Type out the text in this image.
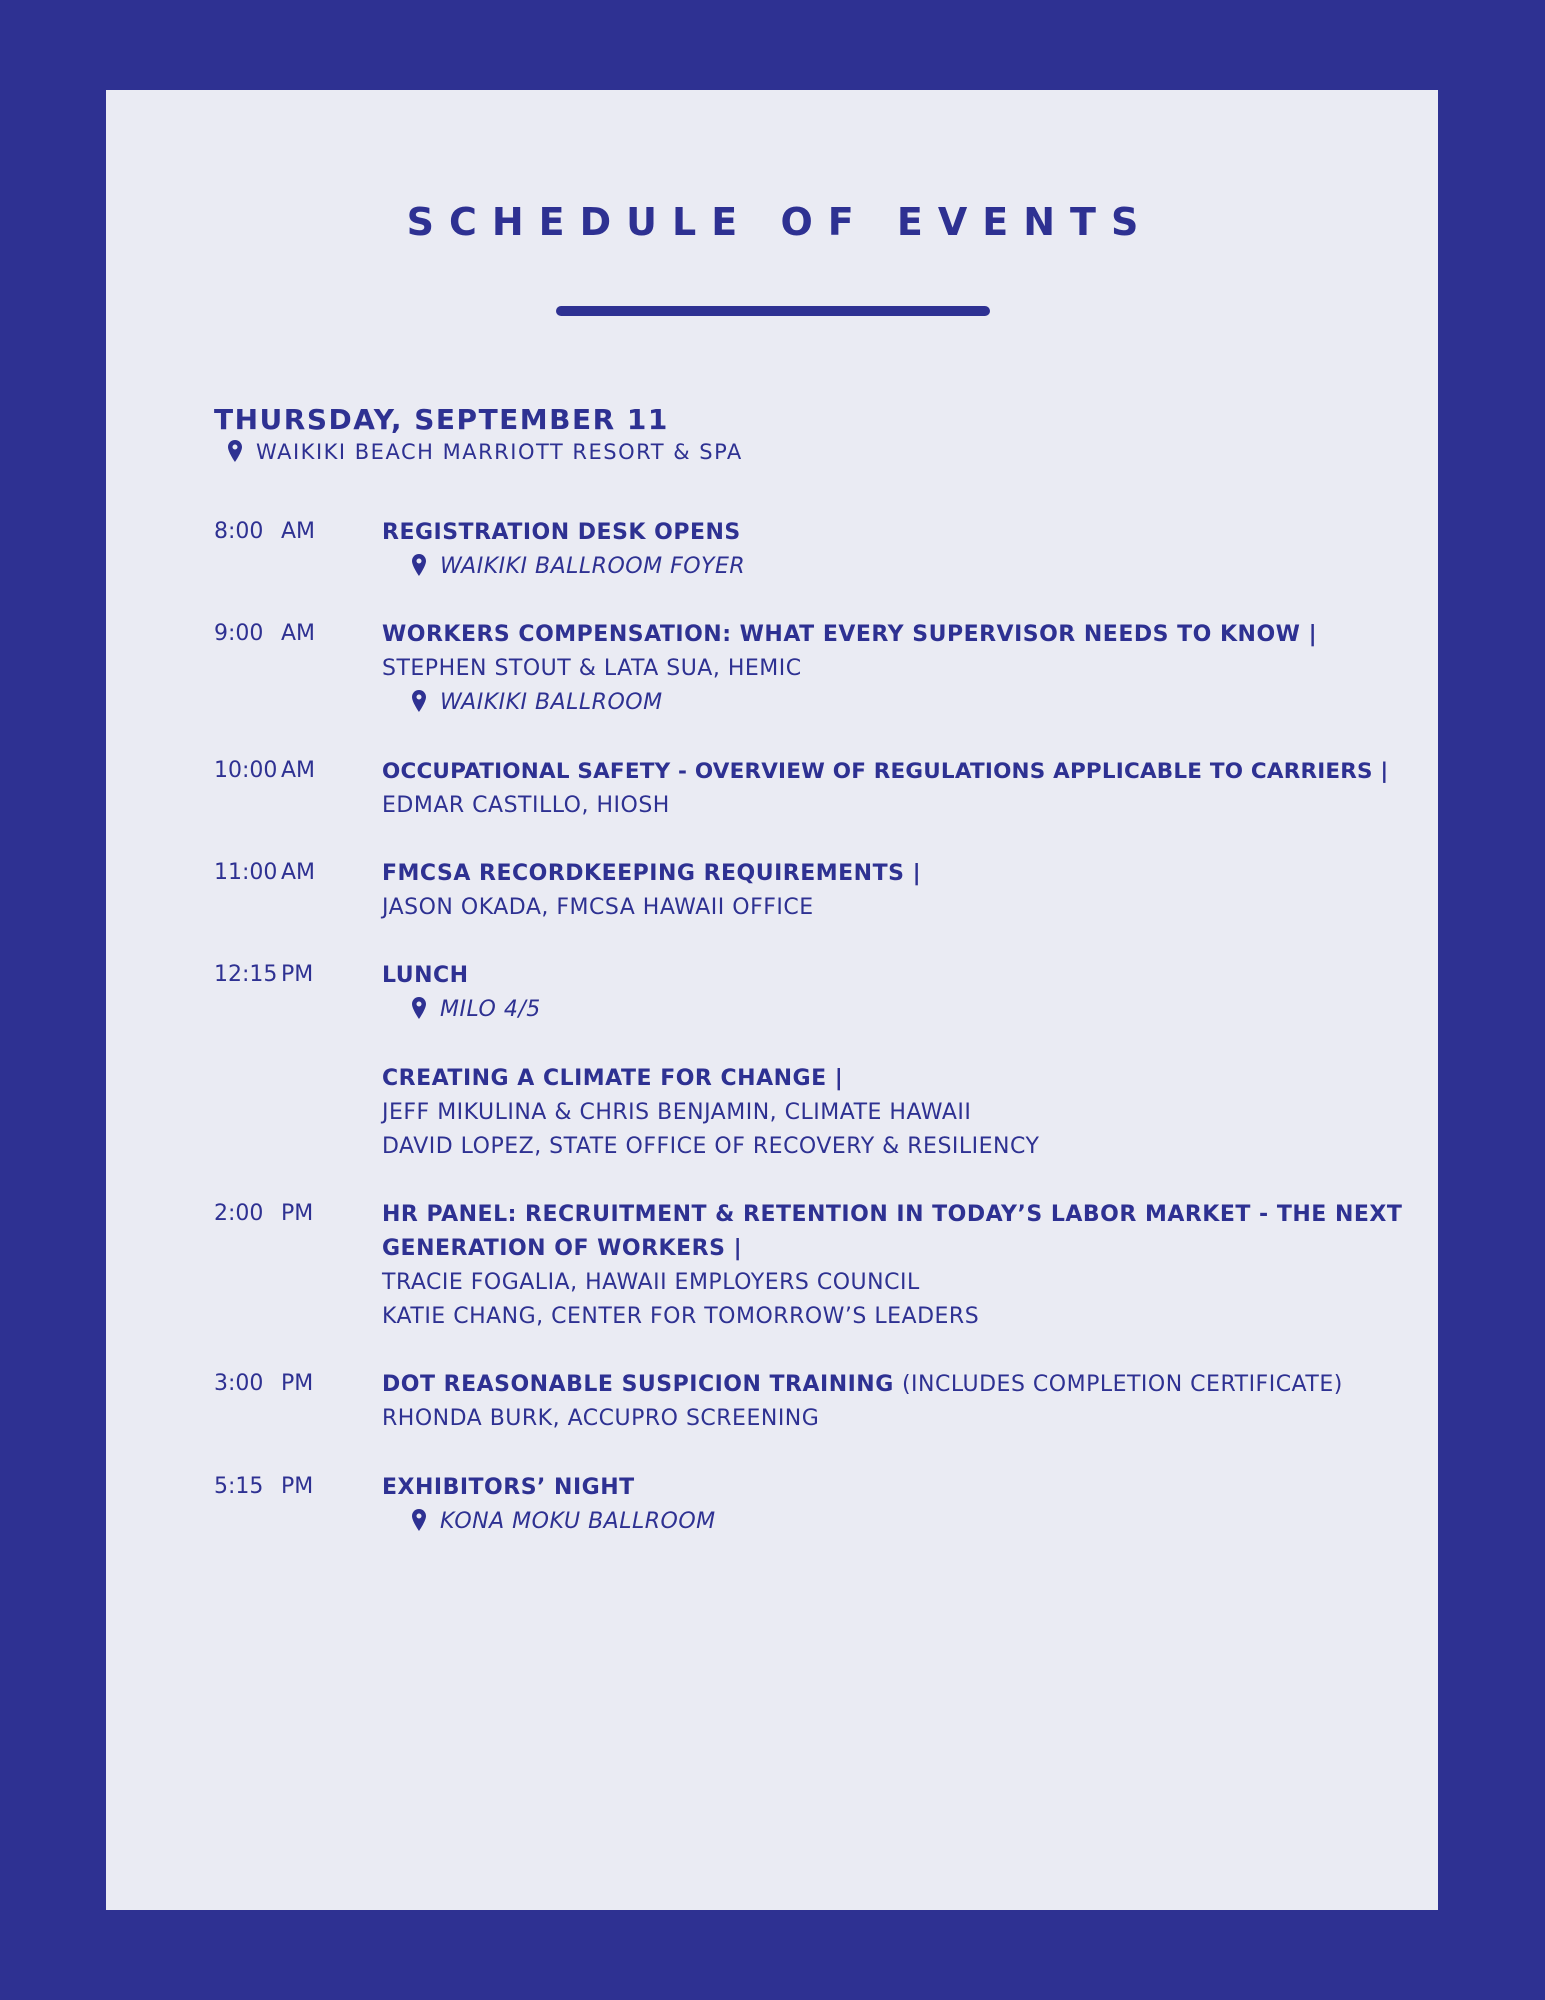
SCHEDULE OF EVENTS
THURSDAY, SEPTEMBER 11
WAIKIKI BEACH MARRIOTT RESORT & SPA
8:00 AM	REGISTRATION DESK OPENS
WAIKIKI BALLROOM FOYER
9:00 AM	WORKERS COMPENSATION: WHAT EVERY SUPERVISOR NEEDS TO KNOW |
STEPHEN STOUT & LATA SUA, HEMIC
WAIKIKI BALLROOM
10:00 AM	OCCUPATIONAL SAFETY - OVERVIEW OF REGULATIONS APPLICABLE TO CARRIERS |
EDMAR CASTILLO, HIOSH
11:00 AM	FMCSA RECORDKEEPING REQUIREMENTS |
JASON OKADA, FMCSA HAWAII OFFICE
12:15 PM	LUNCH
MILO 4/5
CREATING A CLIMATE FOR CHANGE |
JEFF MIKULINA & CHRIS BENJAMIN, CLIMATE HAWAII
DAVID LOPEZ, STATE OFFICE OF RECOVERY & RESILIENCY
2:00 PM	HR PANEL: RECRUITMENT & RETENTION IN TODAY’S LABOR MARKET - THE NEXT GENERATION OF WORKERS |
TRACIE FOGALIA, HAWAII EMPLOYERS COUNCIL
KATIE CHANG, CENTER FOR TOMORROW’S LEADERS
3:00 PM	DOT REASONABLE SUSPICION TRAINING (INCLUDES COMPLETION CERTIFICATE)
RHONDA BURK, ACCUPRO SCREENING
5:15 PM	EXHIBITORS’ NIGHT
KONA MOKU BALLROOM
